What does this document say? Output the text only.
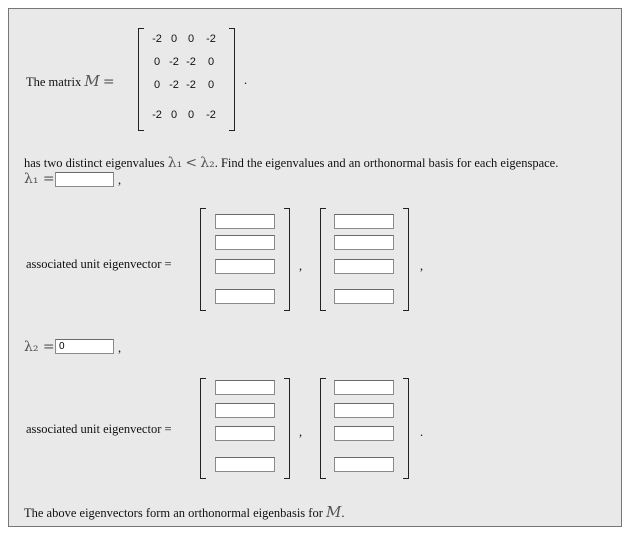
The matrix M =
-2 0 0	-2
0 -2 -2	0
0 -2 -2	0
-2 0 0	-2
.
has two distinct eigenvalues λ₁ < λ₂. Find the eigenvalues and an orthonormal basis for each eigenspace.
λ₁ =	,
associated unit eigenvector =	,	,
λ₂ =
0	,
associated unit eigenvector =	,	.
The above eigenvectors form an orthonormal eigenbasis for M.
